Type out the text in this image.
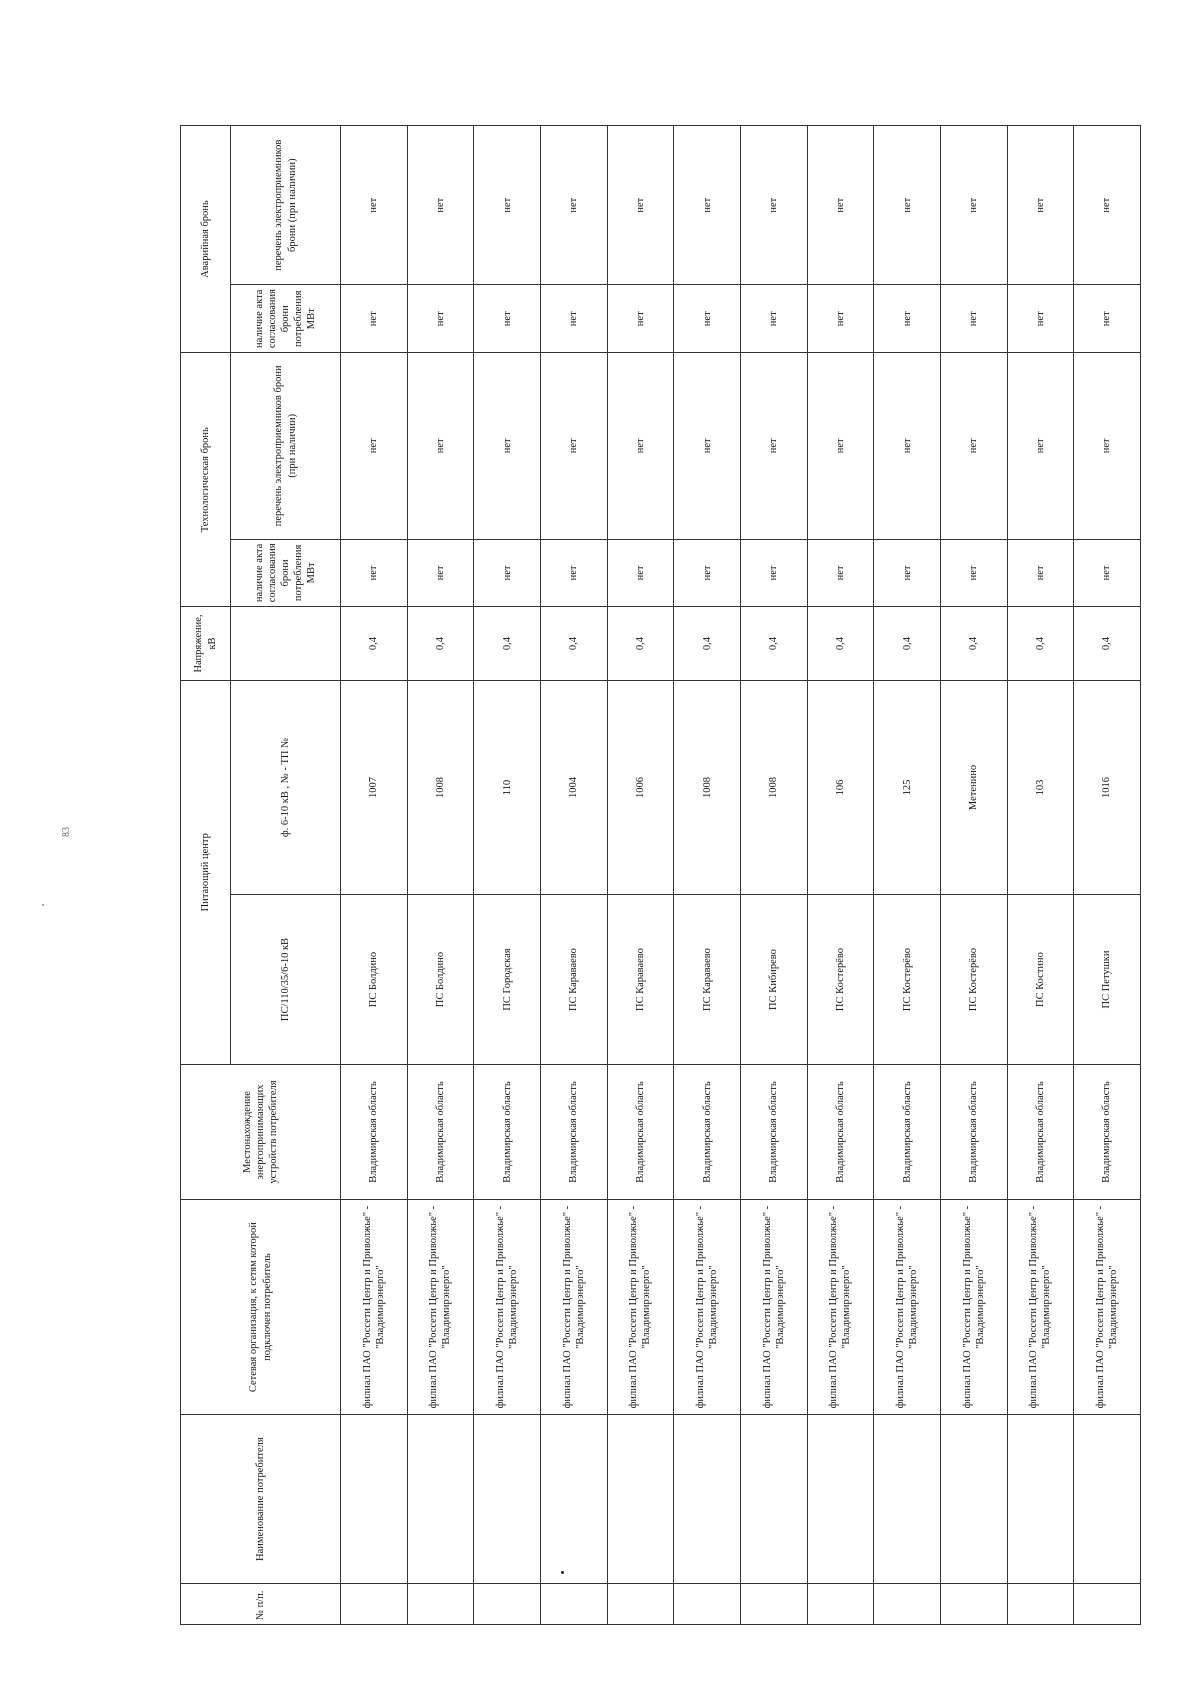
83
№ п/п.	Наименование потребителя	Сетевая организация, к сетям которой подключен потребитель	Местонахождение энергопринимающих устройств потребителя	Питающий центр		Напряжение, кВ	Технологическая бронь		Аварийная бронь	
				ПС/110/35/6-10 кВ	ф. 6-10 кВ , № - ТП №		наличие акта согласования брони потребления МВт	перечень электроприемников брони (при наличии)	наличие акта согласования брони потребления МВт	перечень электроприемников брони (при наличии)
		филиал ПАО "Россети Центр и Приволжье" - "Владимирэнерго"	Владимирская область	ПС Болдино	1007	0,4	нет	нет	нет	нет
		филиал ПАО "Россети Центр и Приволжье" - "Владимирэнерго"	Владимирская область	ПС Болдино	1008	0,4	нет	нет	нет	нет
		филиал ПАО "Россети Центр и Приволжье" - "Владимирэнерго"	Владимирская область	ПС Городская	110	0,4	нет	нет	нет	нет
		филиал ПАО "Россети Центр и Приволжье" - "Владимирэнерго"	Владимирская область	ПС Караваево	1004	0,4	нет	нет	нет	нет
		филиал ПАО "Россети Центр и Приволжье" - "Владимирэнерго"	Владимирская область	ПС Караваево	1006	0,4	нет	нет	нет	нет
		филиал ПАО "Россети Центр и Приволжье" - "Владимирэнерго"	Владимирская область	ПС Караваево	1008	0,4	нет	нет	нет	нет
		филиал ПАО "Россети Центр и Приволжье" - "Владимирэнерго"	Владимирская область	ПС Кибирево	1008	0,4	нет	нет	нет	нет
		филиал ПАО "Россети Центр и Приволжье" - "Владимирэнерго"	Владимирская область	ПС Костерёво	106	0,4	нет	нет	нет	нет
		филиал ПАО "Россети Центр и Приволжье" - "Владимирэнерго"	Владимирская область	ПС Костерёво	125	0,4	нет	нет	нет	нет
		филиал ПАО "Россети Центр и Приволжье" - "Владимирэнерго"	Владимирская область	ПС Костерёво	Метенино	0,4	нет	нет	нет	нет
		филиал ПАО "Россети Центр и Приволжье" - "Владимирэнерго"	Владимирская область	ПС Костино	103	0,4	нет	нет	нет	нет
		филиал ПАО "Россети Центр и Приволжье" - "Владимирэнерго"	Владимирская область	ПС Петушки	1016	0,4	нет	нет	нет	нет
